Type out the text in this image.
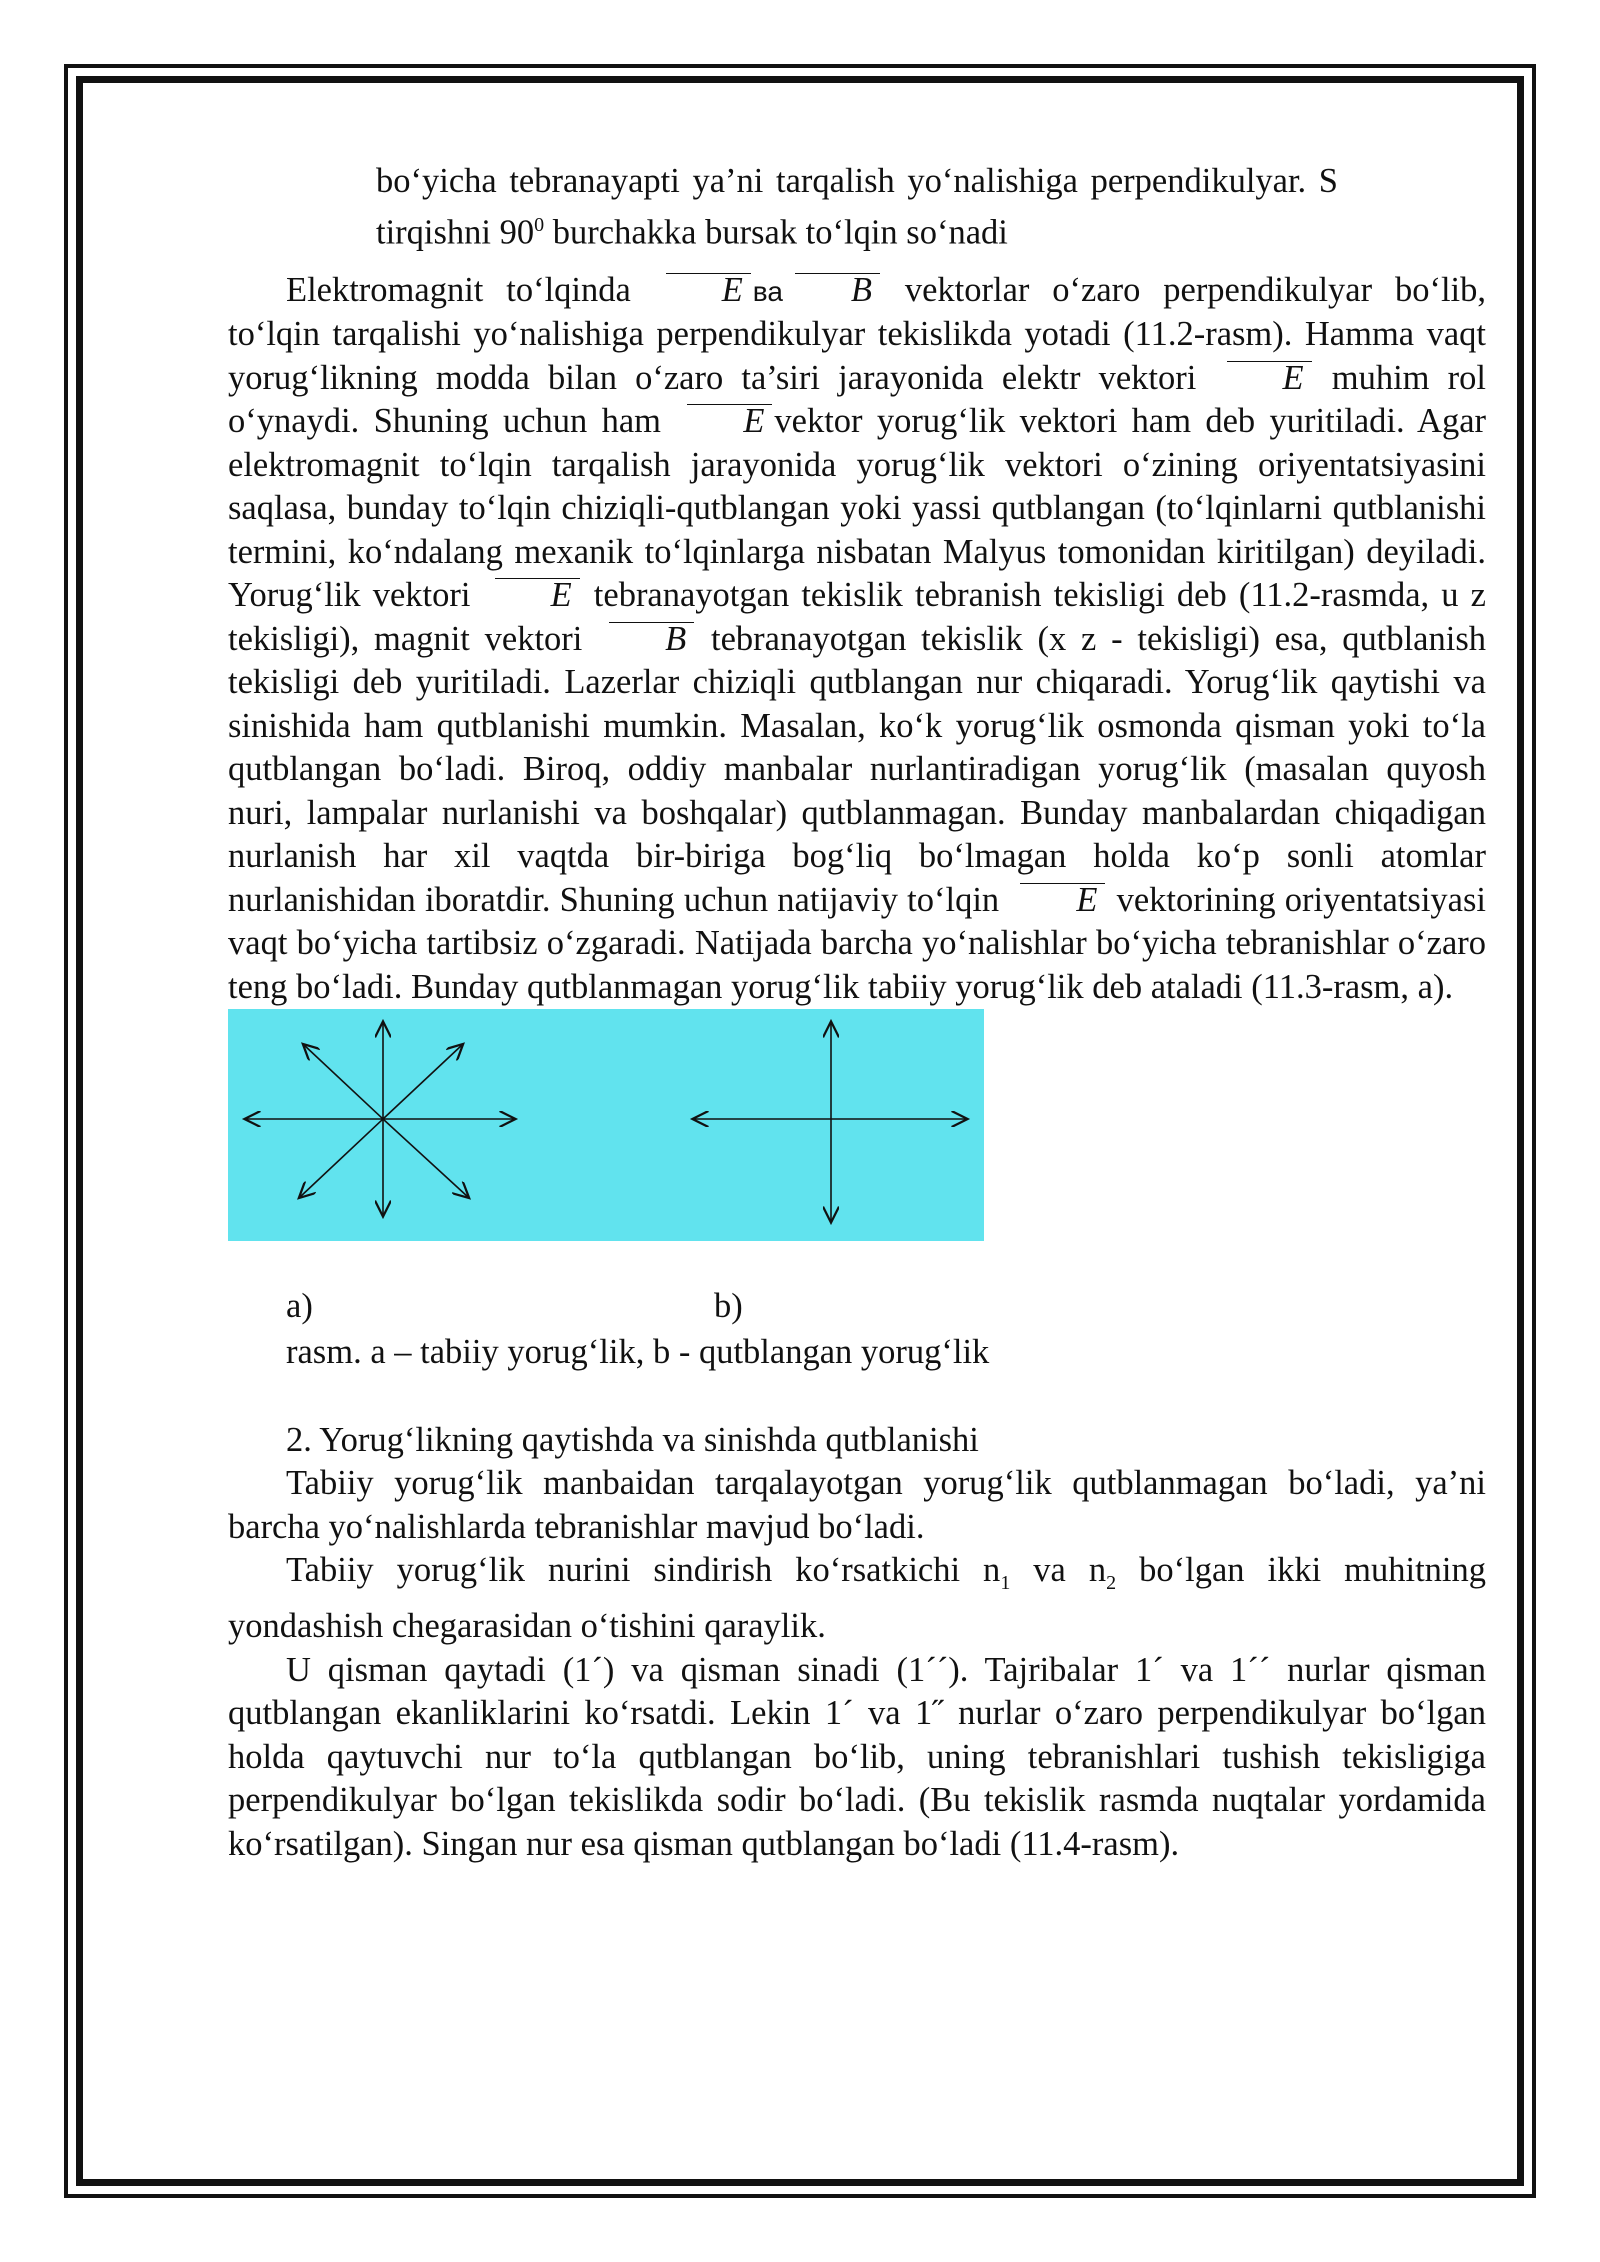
bo‘yicha tebranayapti ya’ni tarqalish yo‘nalishiga perpendikulyar. S tirqishni $90^0$ burchakka bursak to‘lqin so‘nadi

Elektromagnit to‘lqinda E ва B vektorlar o‘zaro perpendikulyar bo‘lib, to‘lqin tarqalishi yo‘nalishiga perpendikulyar tekislikda yotadi (11.2-rasm). Hamma vaqt yorug‘likning modda bilan o‘zaro ta’siri jarayonida elektr vektori E muhim rol o‘ynaydi. Shuning uchun ham E vektor yorug‘lik vektori ham deb yuritiladi. Agar elektromagnit to‘lqin tarqalish jarayonida yorug‘lik vektori o‘zining oriyentatsiyasini saqlasa, bunday to‘lqin chiziqli-qutblangan yoki yassi qutblangan (to‘lqinlarni qutblanishi termini, ko‘ndalang mexanik to‘lqinlarga nisbatan Malyus tomonidan kiritilgan) deyiladi. Yorug‘lik vektori E tebranayotgan tekislik tebranish tekisligi deb (11.2-rasmda, u z tekisligi), magnit vektori B tebranayotgan tekislik (x z - tekisligi) esa, qutblanish tekisligi deb yuritiladi. Lazerlar chiziqli qutblangan nur chiqaradi. Yorug‘lik qaytishi va sinishida ham qutblanishi mumkin. Masalan, ko‘k yorug‘lik osmonda qisman yoki to‘la qutblangan bo‘ladi. Biroq, oddiy manbalar nurlantiradigan yorug‘lik (masalan quyosh nuri, lampalar nurlanishi va boshqalar) qutblanmagan. Bunday manbalardan chiqadigan nurlanish har xil vaqtda bir-biriga bog‘liq bo‘lmagan holda ko‘p sonli atomlar nurlanishidan iboratdir. Shuning uchun natijaviy to‘lqin E vektorining oriyentatsiyasi vaqt bo‘yicha tartibsiz o‘zgaradi. Natijada barcha yo‘nalishlar bo‘yicha tebranishlar o‘zaro teng bo‘ladi. Bunday qutblanmagan yorug‘lik tabiiy yorug‘lik deb ataladi (11.3-rasm, a).

a)	b)

rasm. a – tabiiy yorug‘lik, b - qutblangan yorug‘lik

2. Yorug‘likning qaytishda va sinishda qutblanishi

Tabiiy yorug‘lik manbaidan tarqalayotgan yorug‘lik qutblanmagan bo‘ladi, ya’ni barcha yo‘nalishlarda tebranishlar mavjud bo‘ladi.

Tabiiy yorug‘lik nurini sindirish ko‘rsatkichi $n_1$ va $n_2$ bo‘lgan ikki muhitning yondashish chegarasidan o‘tishini qaraylik.

U qisman qaytadi (1´) va qisman sinadi (1´´). Tajribalar 1´ va 1´´ nurlar qisman qutblangan ekanliklarini ko‘rsatdi. Lekin 1´ va 1˝ nurlar o‘zaro perpendikulyar bo‘lgan holda qaytuvchi nur to‘la qutblangan bo‘lib, uning tebranishlari tushish tekisligiga perpendikulyar bo‘lgan tekislikda sodir bo‘ladi. (Bu tekislik rasmda nuqtalar yordamida ko‘rsatilgan). Singan nur esa qisman qutblangan bo‘ladi (11.4-rasm).
